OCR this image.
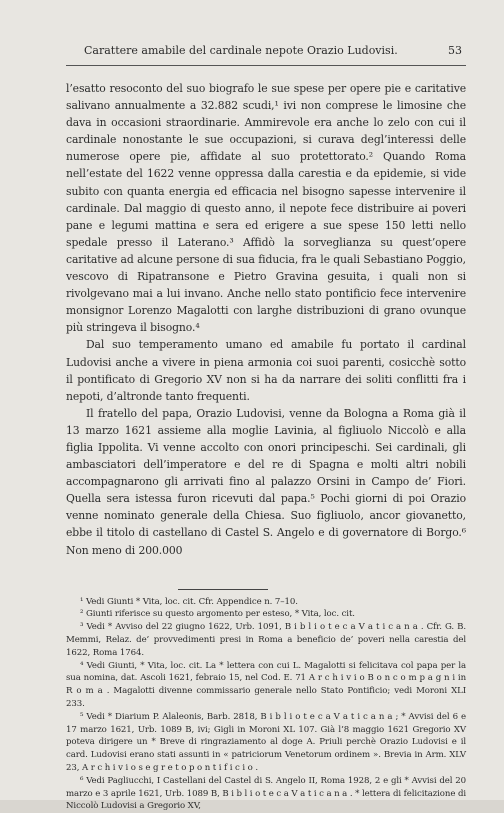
Carattere amabile del cardinale nepote Orazio Ludovisi.	53

l’esatto resoconto del suo biografo le sue spese per opere pie e caritative salivano annualmente a 32.882 scudi,¹ ivi non comprese le limosine che dava in occasioni straordinarie. Ammirevole era anche lo zelo con cui il cardinale nonostante le sue occupazioni, si curava degl’interessi delle numerose opere pie, affidate al suo protettorato.² Quando Roma nell’estate del 1622 venne oppressa dalla carestia e da epidemie, si vide subito con quanta energia ed efficacia nel bisogno sapesse intervenire il cardinale. Dal maggio di questo anno, il nepote fece distribuire ai poveri pane e legumi mattina e sera ed erigere a sue spese 150 letti nello spedale presso il Laterano.³ Affidò la sorveglianza su quest’opere caritative ad alcune persone di sua fiducia, fra le quali Sebastiano Poggio, vescovo di Ripatransone e Pietro Gravina gesuita, i quali non si rivolgevano mai a lui invano. Anche nello stato pontificio fece intervenire monsignor Lorenzo Magalotti con larghe distribuzioni di grano ovunque più stringeva il bisogno.⁴

Dal suo temperamento umano ed amabile fu portato il cardinal Ludovisi anche a vivere in piena armonia coi suoi parenti, cosicchè sotto il pontificato di Gregorio XV non si ha da narrare dei soliti conflitti fra i nepoti, d’altronde tanto frequenti.

Il fratello del papa, Orazio Ludovisi, venne da Bologna a Roma già il 13 marzo 1621 assieme alla moglie Lavinia, al figliuolo Niccolò e alla figlia Ippolita. Vi venne accolto con onori principeschi. Sei cardinali, gli ambasciatori dell’imperatore e del re di Spagna e molti altri nobili accompagnarono gli arrivati fino al palazzo Orsini in Campo de’ Fiori. Quella sera istessa furon ricevuti dal papa.⁵ Pochi giorni di poi Orazio venne nominato generale della Chiesa. Suo figliuolo, ancor giovanetto, ebbe il titolo di castellano di Castel S. Angelo e di governatore di Borgo.⁶ Non meno di 200.000

¹ Vedi Giunti * Vita, loc. cit. Cfr. Appendice n. 7–10.

² Giunti riferisce su questo argomento per esteso, * Vita, loc. cit.

³ Vedi * Avviso del 22 giugno 1622, Urb. 1091, B i b l i o t e c a V a t i c a n a . Cfr. G. B. Memmi, Relaz. de’ provvedimenti presi in Roma a beneficio de’ poveri nella carestia del 1622, Roma 1764.

⁴ Vedi Giunti, * Vita, loc. cit. La * lettera con cui L. Magalotti si felicitava col papa per la sua nomina, dat. Ascoli 1621, febraio 15, nel Cod. E. 71 A r c h i v i o B o n c o m p a g n i in R o m a . Magalotti divenne commissario generale nello Stato Pontificio; vedi Moroni XLI 233.

⁵ Vedi * Diarium P. Alaleonis, Barb. 2818, B i b l i o t e c a V a t i c a n a ; * Avvisi del 6 e 17 marzo 1621, Urb. 1089 B, ivi; Gigli in Moroni XL 107. Già l’8 maggio 1621 Gregorio XV poteva dirigere un * Breve di ringraziamento al doge A. Priuli perchè Orazio Ludovisi e il card. Ludovisi erano stati assunti in « patriciorum Venetorum ordinem ». Brevia in Arm. XLV 23, A r c h i v i o s e g r e t o p o n t i f i c i o .

⁶ Vedi Pagliucchi, I Castellani del Castel di S. Angelo II, Roma 1928, 2 e gli * Avvisi del 20 marzo e 3 aprile 1621, Urb. 1089 B, B i b l i o t e c a V a t i c a n a . * lettera di felicitazione di Niccolò Ludovisi a Gregorio XV,
